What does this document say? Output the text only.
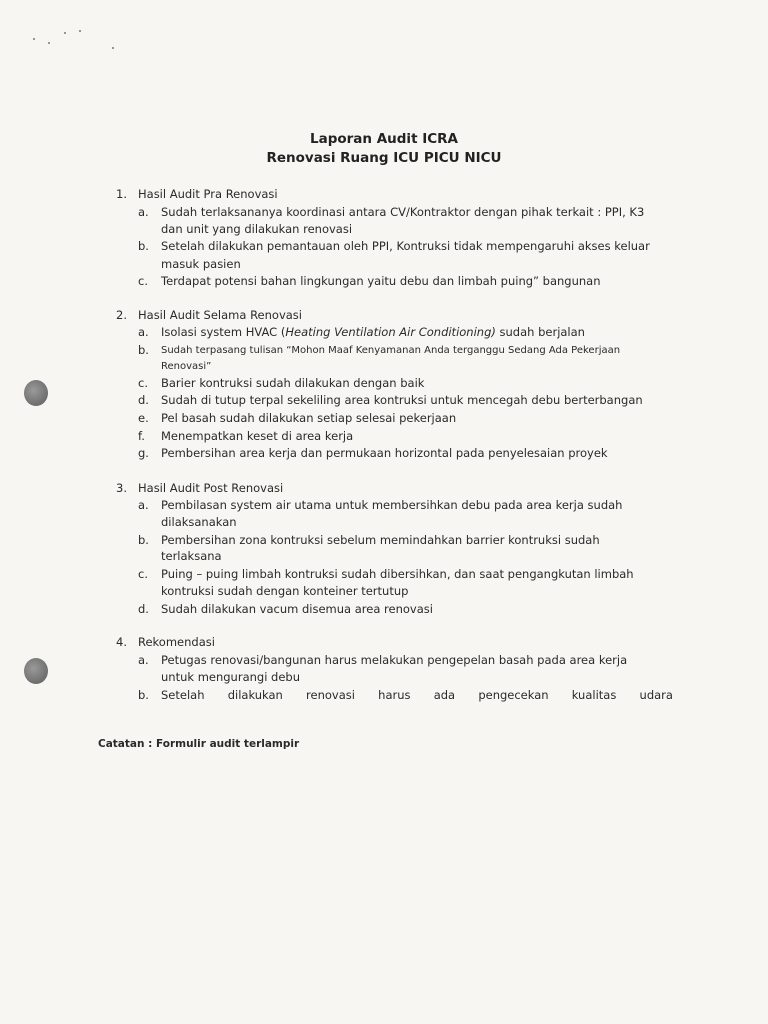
Laporan Audit ICRA
Renovasi Ruang ICU PICU NICU
1. Hasil Audit Pra Renovasi
a. Sudah terlaksananya koordinasi antara CV/Kontraktor dengan pihak terkait : PPI, K3
dan unit yang dilakukan renovasi
b. Setelah dilakukan pemantauan oleh PPI, Kontruksi tidak mempengaruhi akses keluar
masuk pasien
c. Terdapat potensi bahan lingkungan yaitu debu dan limbah puing” bangunan
2. Hasil Audit Selama Renovasi
a. Isolasi system HVAC (Heating Ventilation Air Conditioning) sudah berjalan
b. Sudah terpasang tulisan “Mohon Maaf Kenyamanan Anda terganggu Sedang Ada Pekerjaan
Renovasi”
c. Barier kontruksi sudah dilakukan dengan baik
d. Sudah di tutup terpal sekeliling area kontruksi untuk mencegah debu berterbangan
e. Pel basah sudah dilakukan setiap selesai pekerjaan
f. Menempatkan keset di area kerja
g. Pembersihan area kerja dan permukaan horizontal pada penyelesaian proyek
3. Hasil Audit Post Renovasi
a. Pembilasan system air utama untuk membersihkan debu pada area kerja sudah
dilaksanakan
b. Pembersihan zona kontruksi sebelum memindahkan barrier kontruksi sudah
terlaksana
c. Puing – puing limbah kontruksi sudah dibersihkan, dan saat pengangkutan limbah
kontruksi sudah dengan konteiner tertutup
d. Sudah dilakukan vacum disemua area renovasi
4. Rekomendasi
a. Petugas renovasi/bangunan harus melakukan pengepelan basah pada area kerja
untuk mengurangi debu
b. Setelah dilakukan renovasi harus ada pengecekan kualitas udara
Catatan : Formulir audit terlampir
